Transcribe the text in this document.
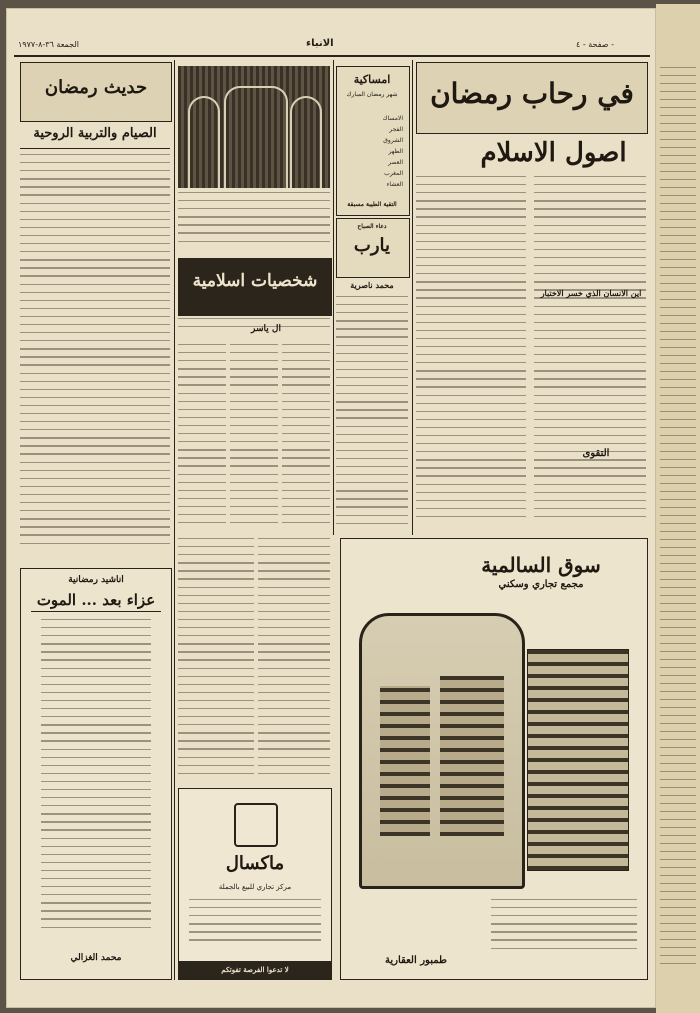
الجمعة ٣٦-٨-١٩٧٧	الانباء	صفحة - ٤ -
في رحاب رمضان
اصول الاسلام
اين الانسان الذي خسر الاختبار
التقوى
امساكية
شهر رمضان المبارك
الامساك
الفجر
الشروق
الظهر
العصر
المغرب
العشاء
التقية الطيبة مسبقة
دعاء الصباح
يارب
محمد ناصرية
شخصيات اسلامية
ال ياسر
ماكسال
مركز تجاري للبيع بالجملة
لا تدعوا الفرصة تفوتكم
سوق السالمية
مجمع تجاري وسكني
طمبور العقارية
حديث رمضان
الصيام والتربية الروحية
اناشيد رمضانية
عزاء بعد ... الموت
محمد الغزالي
